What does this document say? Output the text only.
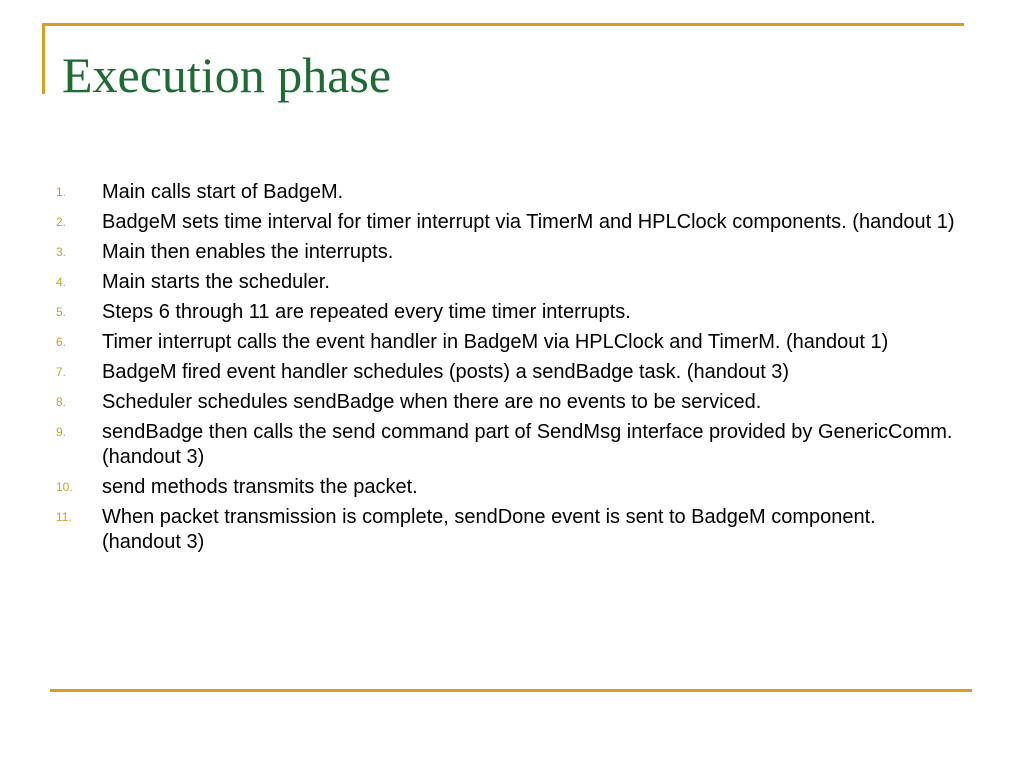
Execution phase
1.	Main calls start of BadgeM.
2.	BadgeM sets time interval for timer interrupt via TimerM and HPLClock components. (handout 1)
3.	Main then enables the interrupts.
4.	Main starts the scheduler.
5.	Steps 6 through 11 are repeated every time timer interrupts.
6.	Timer interrupt calls the event handler in BadgeM via HPLClock and TimerM. (handout 1)
7.	BadgeM fired event handler schedules (posts) a sendBadge task. (handout 3)
8.	Scheduler schedules sendBadge when there are no events to be serviced.
9.	sendBadge then calls the send command part of SendMsg interface provided by GenericComm. (handout 3)
10.	send methods transmits the packet.
11.	When packet transmission is complete, sendDone event is sent to BadgeM component. (handout 3)
